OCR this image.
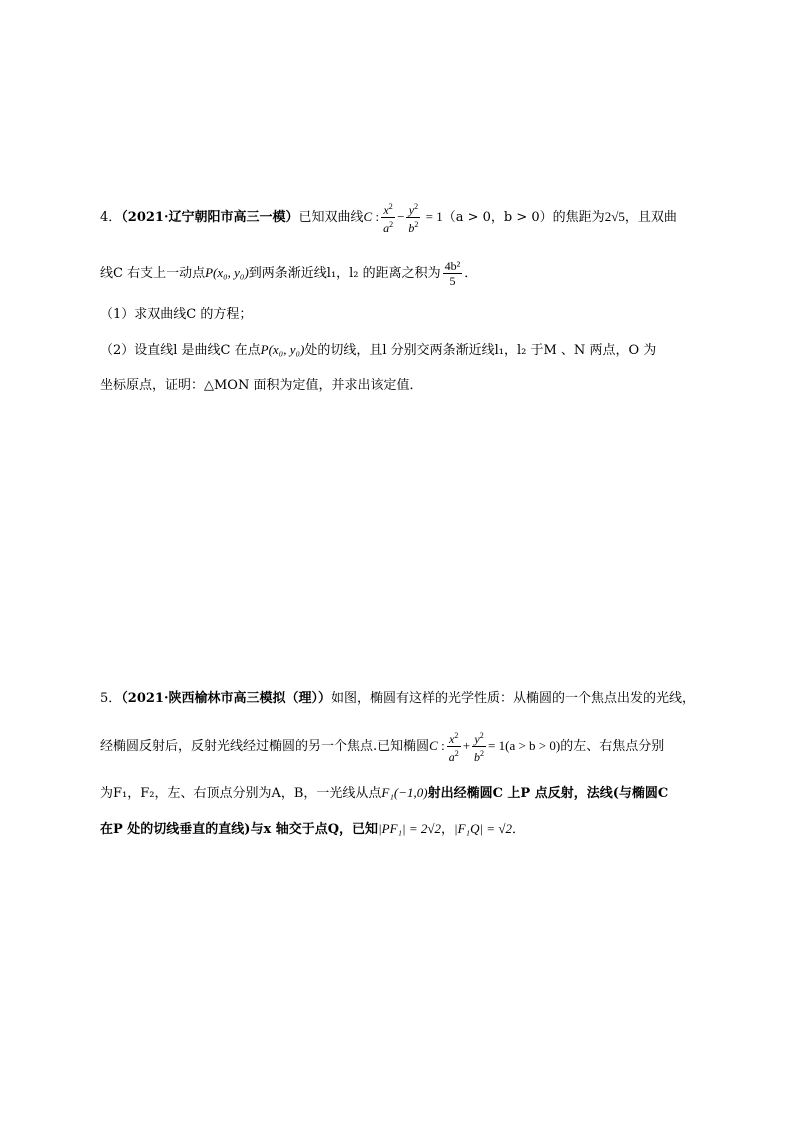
4．（2021·辽宁朝阳市高三一模）已知双曲线C : $\frac{x^2}{a^2} - \frac{y^2}{b^2} = 1(a > 0$，b > 0）的焦距为2√5，且双曲
线C 右支上一动点P(x₀, y₀)到两条渐近线l₁，l₂ 的距离之积为 $\frac{\text{4b²}}{5}$ ．
（1）求双曲线C 的方程；
（2）设直线l 是曲线C 在点P(x₀, y₀)处的切线，且l 分别交两条渐近线l₁，l₂ 于M 、N 两点，O 为
坐标原点，证明：△MON 面积为定值，并求出该定值．
5．（2021·陕西榆林市高三模拟（理））如图，椭圆有这样的光学性质：从椭圆的一个焦点出发的光线，
经椭圆反射后，反射光线经过椭圆的另一个焦点.已知椭圆C : $\frac{x^2}{a^2} + \frac{y^2}{b^2} = 1(a > b > 0)$的左、右焦点分别
为F₁，F₂，左、右顶点分别为A，B，一光线从点F₁(−1,0)射出经椭圆C 上P 点反射，法线(与椭圆C
在P 处的切线垂直的直线)与x 轴交于点Q，已知|PF₁| = 2√2，|F₁Q| = √2．
